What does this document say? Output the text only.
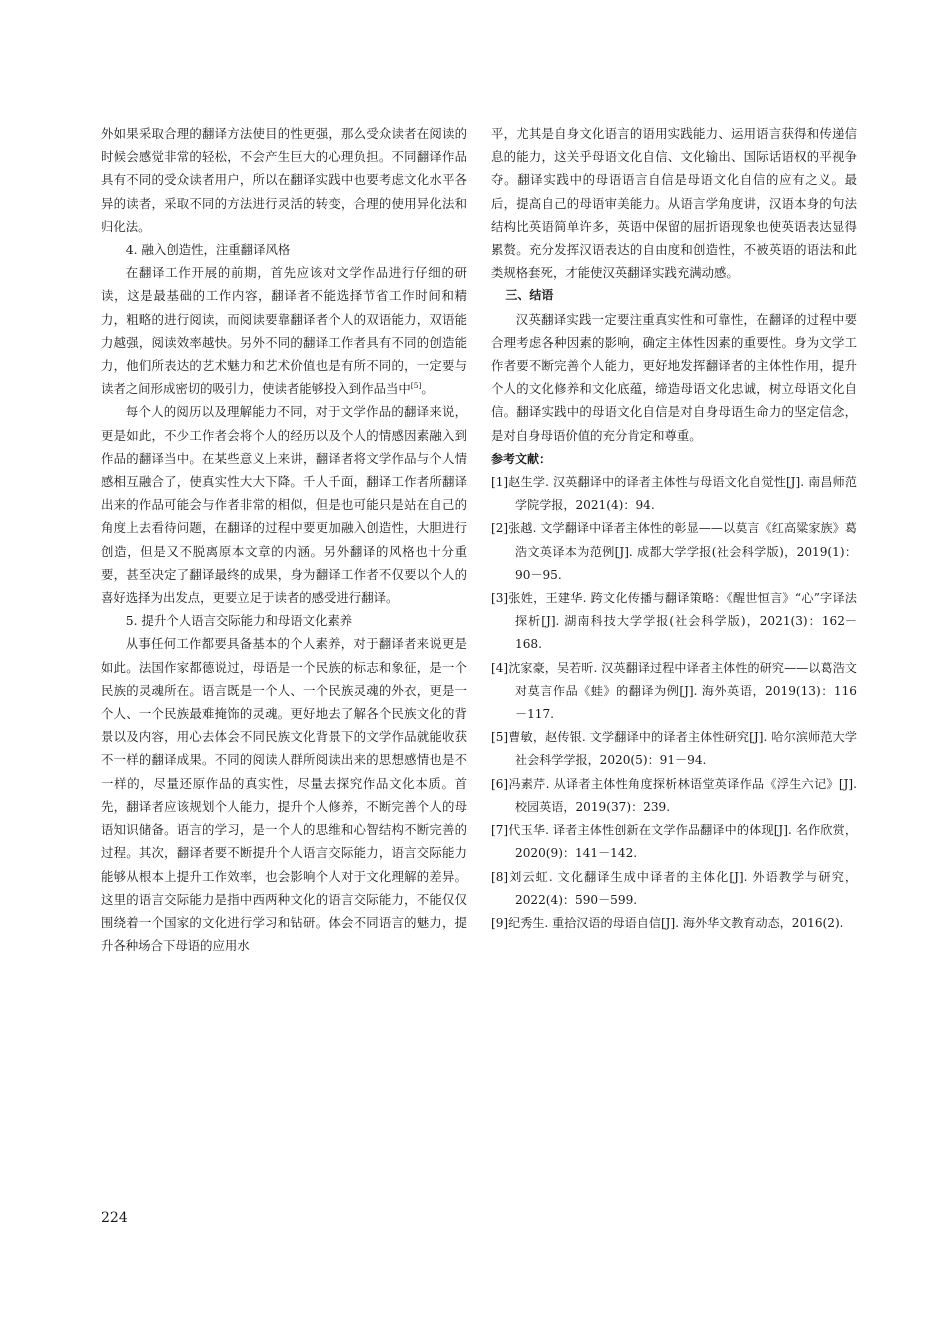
外如果采取合理的翻译方法使目的性更强，那么受众读者在阅读的时候会感觉非常的轻松，不会产生巨大的心理负担。不同翻译作品具有不同的受众读者用户，所以在翻译实践中也要考虑文化水平各异的读者，采取不同的方法进行灵活的转变，合理的使用异化法和归化法。

4. 融入创造性，注重翻译风格

在翻译工作开展的前期，首先应该对文学作品进行仔细的研读，这是最基础的工作内容，翻译者不能选择节省工作时间和精力，粗略的进行阅读，而阅读要靠翻译者个人的双语能力，双语能力越强，阅读效率越快。另外不同的翻译工作者具有不同的创造能力，他们所表达的艺术魅力和艺术价值也是有所不同的，一定要与读者之间形成密切的吸引力，使读者能够投入到作品当中[5]。

每个人的阅历以及理解能力不同，对于文学作品的翻译来说，更是如此，不少工作者会将个人的经历以及个人的情感因素融入到作品的翻译当中。在某些意义上来讲，翻译者将文学作品与个人情感相互融合了，使真实性大大下降。千人千面，翻译工作者所翻译出来的作品可能会与作者非常的相似，但是也可能只是站在自己的角度上去看待问题，在翻译的过程中要更加融入创造性，大胆进行创造，但是又不脱离原本文章的内涵。另外翻译的风格也十分重要，甚至决定了翻译最终的成果，身为翻译工作者不仅要以个人的喜好选择为出发点，更要立足于读者的感受进行翻译。

5. 提升个人语言交际能力和母语文化素养

从事任何工作都要具备基本的个人素养，对于翻译者来说更是如此。法国作家都德说过，母语是一个民族的标志和象征，是一个民族的灵魂所在。语言既是一个人、一个民族灵魂的外衣，更是一个人、一个民族最难掩饰的灵魂。更好地去了解各个民族文化的背景以及内容，用心去体会不同民族文化背景下的文学作品就能收获不一样的翻译成果。不同的阅读人群所阅读出来的思想感情也是不一样的，尽量还原作品的真实性，尽量去探究作品文化本质。首先，翻译者应该规划个人能力，提升个人修养，不断完善个人的母语知识储备。语言的学习，是一个人的思维和心智结构不断完善的过程。其次，翻译者要不断提升个人语言交际能力，语言交际能力能够从根本上提升工作效率，也会影响个人对于文化理解的差异。这里的语言交际能力是指中西两种文化的语言交际能力，不能仅仅围绕着一个国家的文化进行学习和钻研。体会不同语言的魅力，提升各种场合下母语的应用水

平，尤其是自身文化语言的语用实践能力、运用语言获得和传递信息的能力，这关乎母语文化自信、文化输出、国际话语权的平视争夺。翻译实践中的母语语言自信是母语文化自信的应有之义。最后，提高自己的母语审美能力。从语言学角度讲，汉语本身的句法结构比英语简单许多，英语中保留的屈折语现象也使英语表达显得累赘。充分发挥汉语表达的自由度和创造性，不被英语的语法和此类规格套死，才能使汉英翻译实践充满动感。

三、结语

汉英翻译实践一定要注重真实性和可靠性，在翻译的过程中要合理考虑各种因素的影响，确定主体性因素的重要性。身为文学工作者要不断完善个人能力，更好地发挥翻译者的主体性作用，提升个人的文化修养和文化底蕴，缔造母语文化忠诚，树立母语文化自信。翻译实践中的母语文化自信是对自身母语生命力的坚定信念，是对自身母语价值的充分肯定和尊重。

参考文献：

[1]赵生学. 汉英翻译中的译者主体性与母语文化自觉性[J]. 南昌师范学院学报，2021(4)：94.

[2]张越. 文学翻译中译者主体性的彰显——以莫言《红高粱家族》葛浩文英译本为范例[J]. 成都大学学报(社会科学版)，2019(1)：90－95.

[3]张姓，王建华. 跨文化传播与翻译策略：《醒世恒言》“心”字译法探析[J]. 湖南科技大学学报(社会科学版)，2021(3)：162－168.

[4]沈家豪，吴若昕. 汉英翻译过程中译者主体性的研究——以葛浩文对莫言作品《蛙》的翻译为例[J]. 海外英语，2019(13)：116－117.

[5]曹敏，赵传银. 文学翻译中的译者主体性研究[J]. 哈尔滨师范大学社会科学学报，2020(5)：91－94.

[6]冯素芹. 从译者主体性角度探析林语堂英译作品《浮生六记》[J]. 校园英语，2019(37)：239.

[7]代玉华. 译者主体性创新在文学作品翻译中的体现[J]. 名作欣赏，2020(9)：141－142.

[8]刘云虹. 文化翻译生成中译者的主体化[J]. 外语教学与研究，2022(4)：590－599.

[9]纪秀生. 重拾汉语的母语自信[J]. 海外华文教育动态，2016(2).

224
